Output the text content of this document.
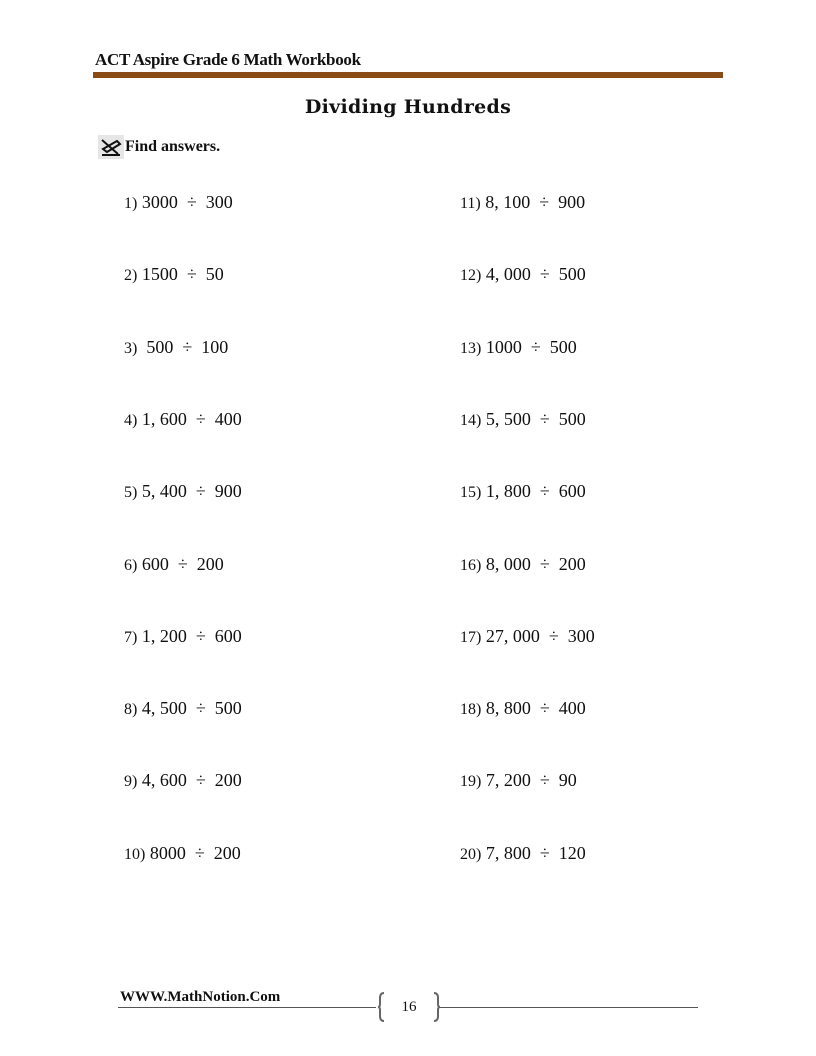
ACT Aspire Grade 6 Math Workbook
Dividing Hundreds
Find answers.
1) 3000  ÷  300
2) 1500  ÷  50
3)  500  ÷  100
4) 1, 600  ÷  400
5) 5, 400  ÷  900
6) 600  ÷  200
7) 1, 200  ÷  600
8) 4, 500  ÷  500
9) 4, 600  ÷  200
10) 8000  ÷  200
11) 8, 100  ÷  900
12) 4, 000  ÷  500
13) 1000  ÷  500
14) 5, 500  ÷  500
15) 1, 800  ÷  600
16) 8, 000  ÷  200
17) 27, 000  ÷  300
18) 8, 800  ÷  400
19) 7, 200  ÷  90
20) 7, 800  ÷  120
WWW.MathNotion.Com
16
